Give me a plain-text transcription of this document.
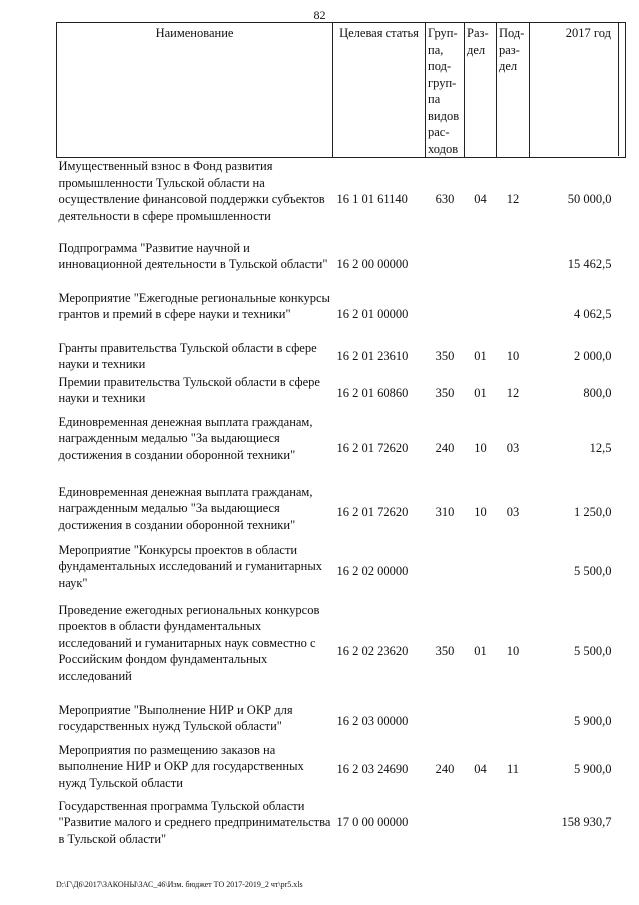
82
Наименование	Целевая статья	Груп-па, под-груп-па видов рас-ходов	Раз-дел	Под-раз-дел	2017 год
Имущественный взнос в Фонд развития промышленности Тульской области на осуществление финансовой поддержки субъектов деятельности в сфере промышленности	16 1 01 61140	630	04	12	50 000,0
Подпрограмма "Развитие научной и инновационной деятельности в Тульской области"	16 2 00 00000				15 462,5
Мероприятие "Ежегодные региональные конкурсы грантов и премий в сфере науки и техники"	16 2 01 00000				4 062,5
Гранты правительства Тульской области в сфере науки и техники	16 2 01 23610	350	01	10	2 000,0
Премии правительства Тульской области в сфере науки и техники	16 2 01 60860	350	01	12	800,0
Единовременная денежная выплата гражданам, награжденным медалью "За выдающиеся достижения в создании оборонной техники"	16 2 01 72620	240	10	03	12,5
Единовременная денежная выплата гражданам, награжденным медалью "За выдающиеся достижения в создании оборонной техники"	16 2 01 72620	310	10	03	1 250,0
Мероприятие "Конкурсы проектов в области фундаментальных исследований и гуманитарных наук"	16 2 02 00000				5 500,0
Проведение ежегодных региональных конкурсов проектов в области фундаментальных исследований и гуманитарных наук совместно с Российским фондом фундаментальных исследований	16 2 02 23620	350	01	10	5 500,0
Мероприятие "Выполнение НИР и ОКР для государственных нужд Тульской области"	16 2 03 00000				5 900,0
Мероприятия по размещению заказов на выполнение НИР и ОКР для государственных нужд Тульской области	16 2 03 24690	240	04	11	5 900,0
Государственная программа Тульской области "Развитие малого и среднего предпринимательства в Тульской области"	17 0 00 00000				158 930,7
D:\Г\Д6\2017\ЗАКОНЫ\ЗАС_46\Изм. бюджет ТО 2017-2019_2 чт\pr5.xls
